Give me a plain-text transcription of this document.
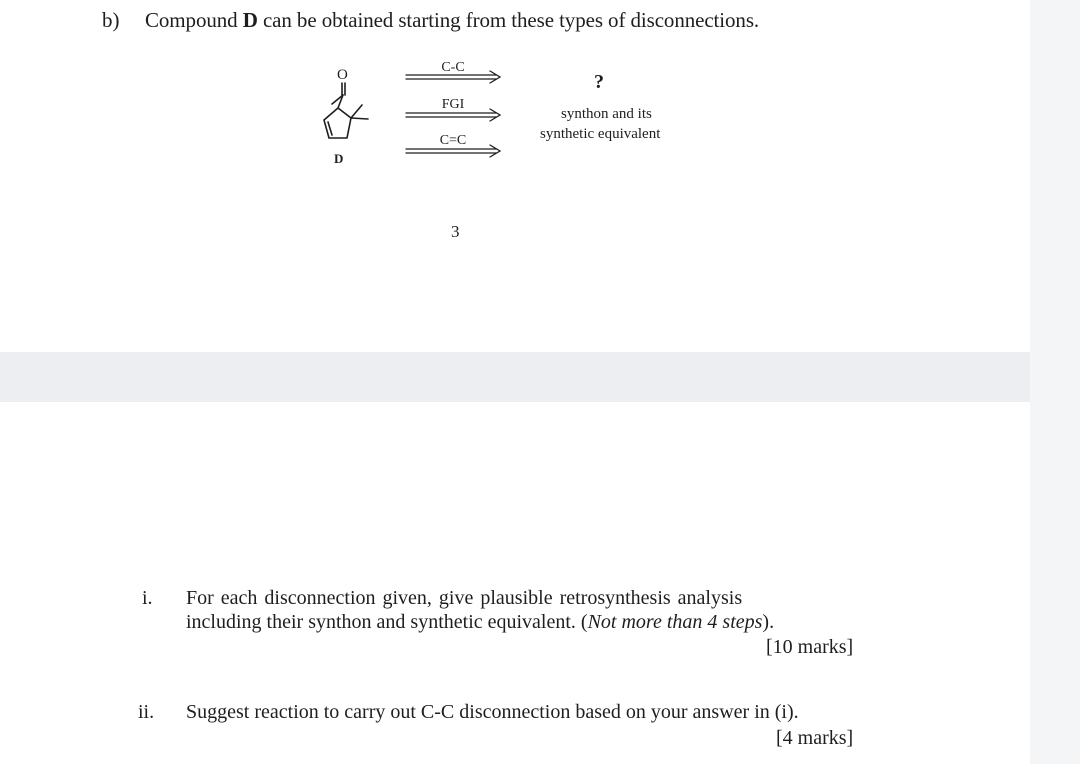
b) Compound D can be obtained starting from these types of disconnections.
O
D
C-C
FGI
C=C
?
synthon and its
synthetic equivalent
3
i. For each disconnection given, give plausible retrosynthesis analysis
including their synthon and synthetic equivalent. (Not more than 4 steps).
[10 marks]
ii. Suggest reaction to carry out C-C disconnection based on your answer in (i).
[4 marks]
